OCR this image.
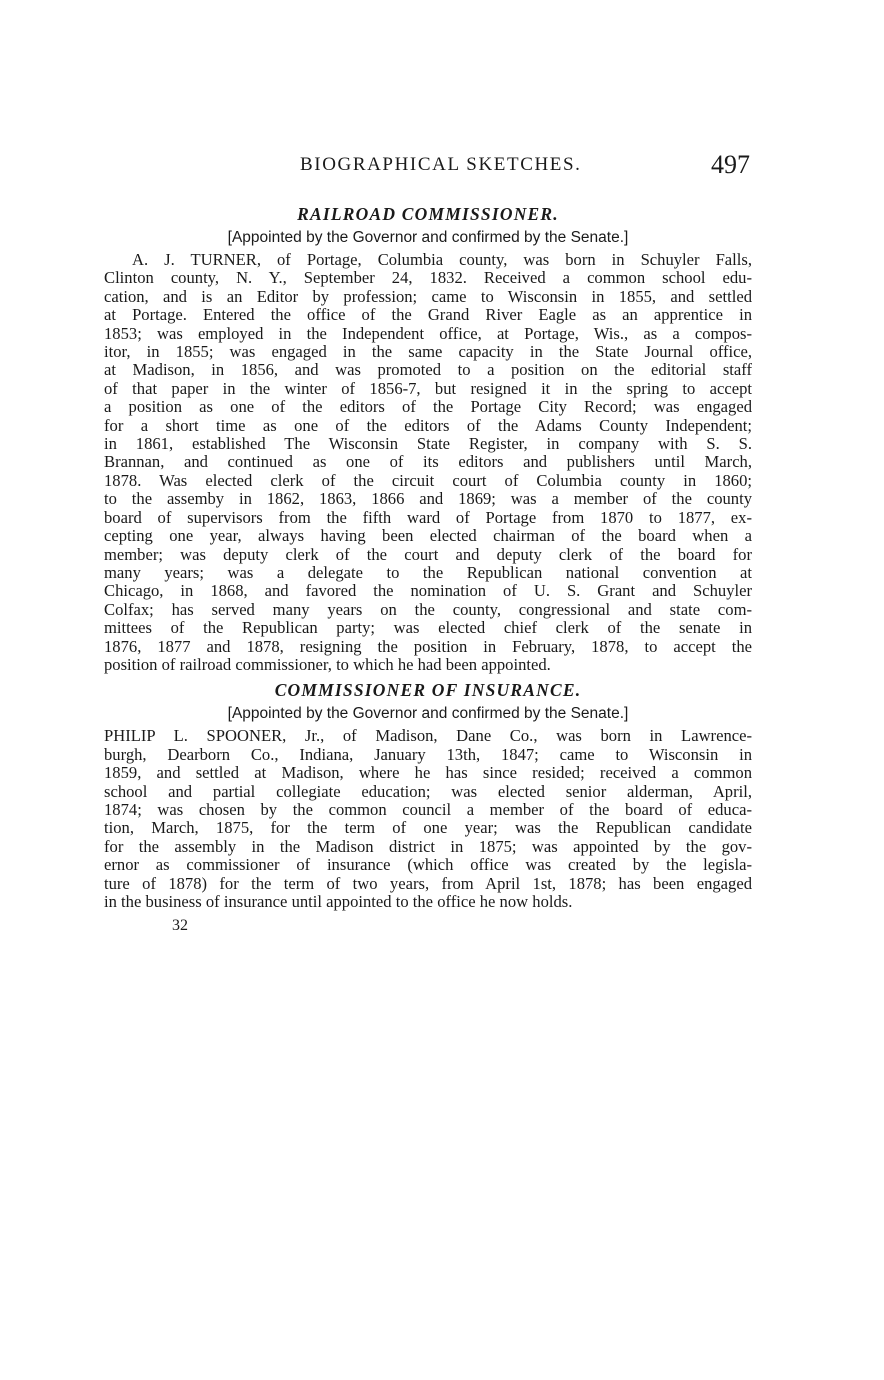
BIOGRAPHICAL SKETCHES.	497
RAILROAD COMMISSIONER.
[Appointed by the Governor and confirmed by the Senate.]
A. J. TURNER, of Portage, Columbia county, was born in Schuyler Falls,
Clinton county, N. Y., September 24, 1832. Received a common school edu-
cation, and is an Editor by profession; came to Wisconsin in 1855, and settled
at Portage. Entered the office of the Grand River Eagle as an apprentice in
1853; was employed in the Independent office, at Portage, Wis., as a compos-
itor, in 1855; was engaged in the same capacity in the State Journal office,
at Madison, in 1856, and was promoted to a position on the editorial staff
of that paper in the winter of 1856-7, but resigned it in the spring to accept
a position as one of the editors of the Portage City Record; was engaged
for a short time as one of the editors of the Adams County Independent;
in 1861, established The Wisconsin State Register, in company with S. S.
Brannan, and continued as one of its editors and publishers until March,
1878. Was elected clerk of the circuit court of Columbia county in 1860;
to the assemby in 1862, 1863, 1866 and 1869; was a member of the county
board of supervisors from the fifth ward of Portage from 1870 to 1877, ex-
cepting one year, always having been elected chairman of the board when a
member; was deputy clerk of the court and deputy clerk of the board for
many years; was a delegate to the Republican national convention at
Chicago, in 1868, and favored the nomination of U. S. Grant and Schuyler
Colfax; has served many years on the county, congressional and state com-
mittees of the Republican party; was elected chief clerk of the senate in
1876, 1877 and 1878, resigning the position in February, 1878, to accept the
position of railroad commissioner, to which he had been appointed.
COMMISSIONER OF INSURANCE.
[Appointed by the Governor and confirmed by the Senate.]
PHILIP L. SPOONER, Jr., of Madison, Dane Co., was born in Lawrence-
burgh, Dearborn Co., Indiana, January 13th, 1847; came to Wisconsin in
1859, and settled at Madison, where he has since resided; received a common
school and partial collegiate education; was elected senior alderman, April,
1874; was chosen by the common council a member of the board of educa-
tion, March, 1875, for the term of one year; was the Republican candidate
for the assembly in the Madison district in 1875; was appointed by the gov-
ernor as commissioner of insurance (which office was created by the legisla-
ture of 1878) for the term of two years, from April 1st, 1878; has been engaged
in the business of insurance until appointed to the office he now holds.
32
